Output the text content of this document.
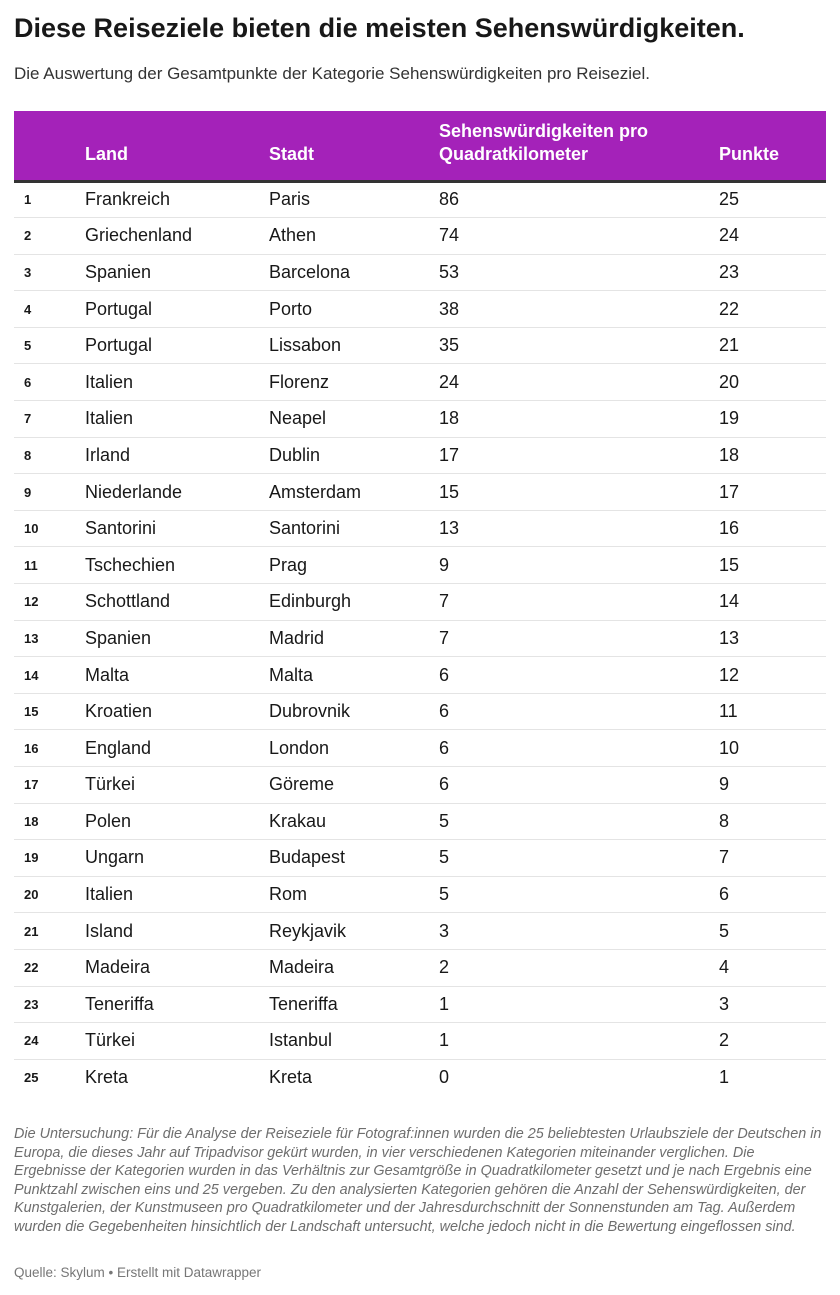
Diese Reiseziele bieten die meisten Sehenswürdigkeiten.
Die Auswertung der Gesamtpunkte der Kategorie Sehenswürdigkeiten pro Reiseziel.
	Land	Stadt	Sehenswürdigkeiten pro Quadratkilometer	Punkte
1	Frankreich	Paris	86	25
2	Griechenland	Athen	74	24
3	Spanien	Barcelona	53	23
4	Portugal	Porto	38	22
5	Portugal	Lissabon	35	21
6	Italien	Florenz	24	20
7	Italien	Neapel	18	19
8	Irland	Dublin	17	18
9	Niederlande	Amsterdam	15	17
10	Santorini	Santorini	13	16
11	Tschechien	Prag	9	15
12	Schottland	Edinburgh	7	14
13	Spanien	Madrid	7	13
14	Malta	Malta	6	12
15	Kroatien	Dubrovnik	6	11
16	England	London	6	10
17	Türkei	Göreme	6	9
18	Polen	Krakau	5	8
19	Ungarn	Budapest	5	7
20	Italien	Rom	5	6
21	Island	Reykjavik	3	5
22	Madeira	Madeira	2	4
23	Teneriffa	Teneriffa	1	3
24	Türkei	Istanbul	1	2
25	Kreta	Kreta	0	1
Die Untersuchung: Für die Analyse der Reiseziele für Fotograf:innen wurden die 25 beliebtesten Urlaubsziele der Deutschen in Europa, die dieses Jahr auf Tripadvisor gekürt wurden, in vier verschiedenen Kategorien miteinander verglichen. Die Ergebnisse der Kategorien wurden in das Verhältnis zur Gesamtgröße in Quadratkilometer gesetzt und je nach Ergebnis eine Punktzahl zwischen eins und 25 vergeben. Zu den analysierten Kategorien gehören die Anzahl der Sehenswürdigkeiten, der Kunstgalerien, der Kunstmuseen pro Quadratkilometer und der Jahresdurchschnitt der Sonnenstunden am Tag. Außerdem wurden die Gegebenheiten hinsichtlich der Landschaft untersucht, welche jedoch nicht in die Bewertung eingeflossen sind.
Quelle: Skylum • Erstellt mit Datawrapper
